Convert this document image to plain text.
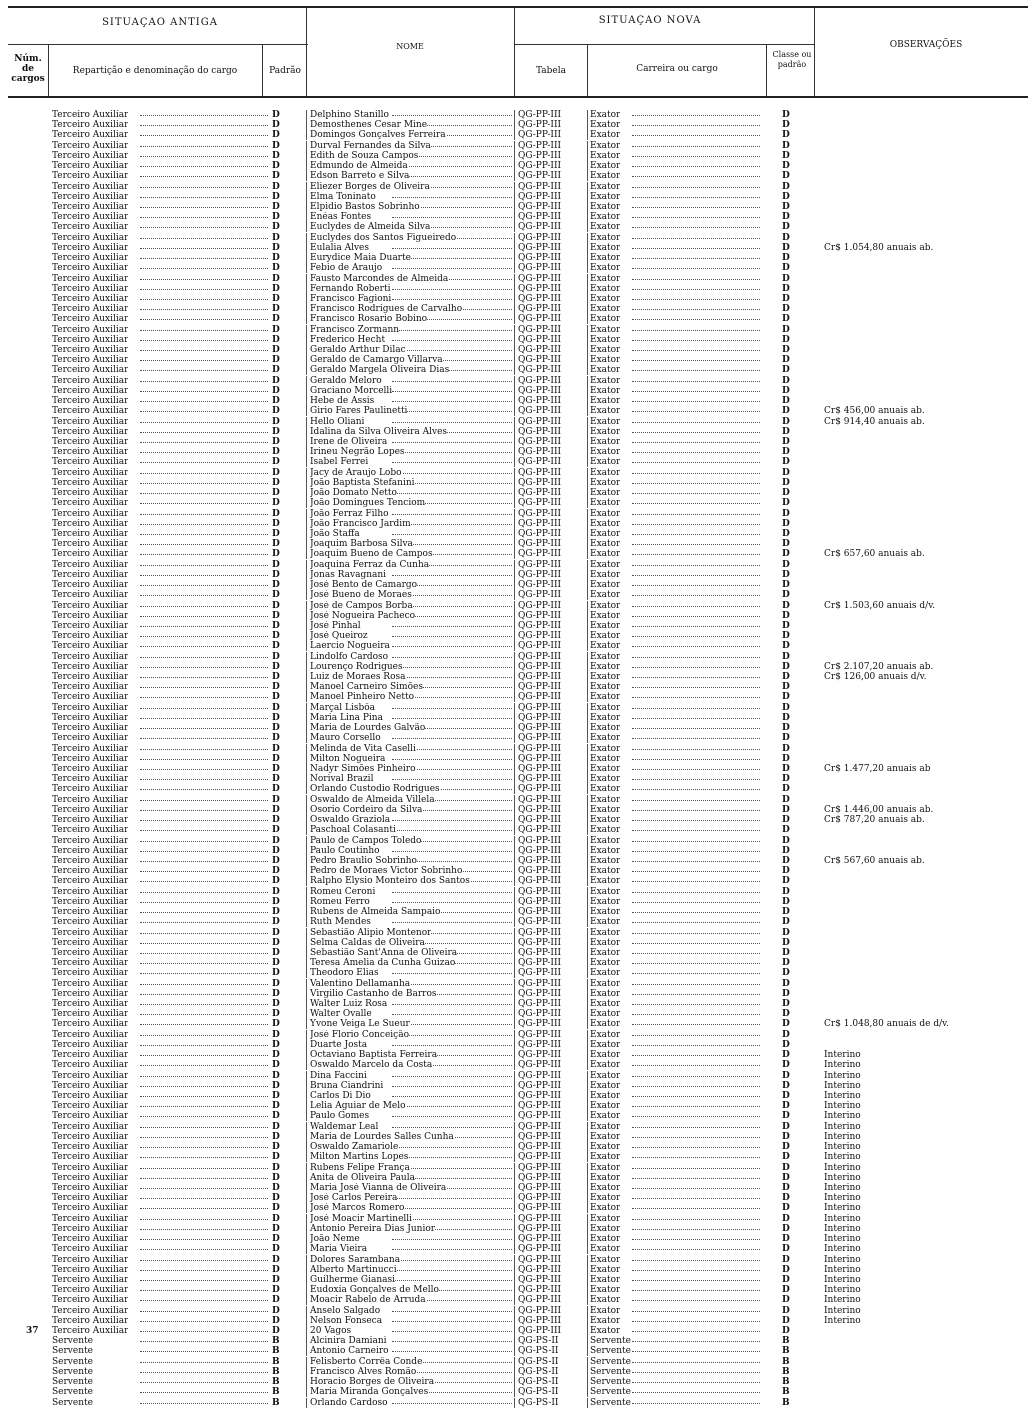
SITUAÇAO ANTIGA	SITUAÇAO NOVA
Núm. de cargos
Repartição e denominação do cargo	Padrão
NOME
Tabela	Carreira ou cargo
Classe ou padrão
OBSERVAÇÕES
Terceiro Auxiliar	D	Delphino Stanillo	QG-PP-III	Exator	D
Terceiro Auxiliar	D	Demosthenes Cesar Mine	QG-PP-III	Exator	D
Terceiro Auxiliar	D	Domingos Gonçalves Ferreira	QG-PP-III	Exator	D
Terceiro Auxiliar	D	Durval Fernandes da Silva	QG-PP-III	Exator	D
Terceiro Auxiliar	D	Edith de Souza Campos	QG-PP-III	Exator	D
Terceiro Auxiliar	D	Edmundo de Almeida	QG-PP-III	Exator	D
Terceiro Auxiliar	D	Edson Barreto e Silva	QG-PP-III	Exator	D
Terceiro Auxiliar	D	Eliezer Borges de Oliveira	QG-PP-III	Exator	D
Terceiro Auxiliar	D	Elma Toninato	QG-PP-III	Exator	D
Terceiro Auxiliar	D	Elpidio Bastos Sobrinho	QG-PP-III	Exator	D
Terceiro Auxiliar	D	Enéas Fontes	QG-PP-III	Exator	D
Terceiro Auxiliar	D	Euclydes de Almeida Silva	QG-PP-III	Exator	D
Terceiro Auxiliar	D	Euclydes dos Santos Figueiredo	QG-PP-III	Exator	D
Terceiro Auxiliar	D	Eulalia Alves	QG-PP-III	Exator	D	Cr$ 1.054,80 anuais ab.
Terceiro Auxiliar	D	Eurydice Maia Duarte	QG-PP-III	Exator	D
Terceiro Auxiliar	D	Febio de Araujo	QG-PP-III	Exator	D
Terceiro Auxiliar	D	Fausto Marcondes de Almeida	QG-PP-III	Exator	D
Terceiro Auxiliar	D	Fernando Roberti	QG-PP-III	Exator	D
Terceiro Auxiliar	D	Francisco Fagioni	QG-PP-III	Exator	D
Terceiro Auxiliar	D	Francisco Rodrigues de Carvalho	QG-PP-III	Exator	D
Terceiro Auxiliar	D	Francisco Rosario Bobino	QG-PP-III	Exator	D
Terceiro Auxiliar	D	Francisco Zormann	QG-PP-III	Exator	D
Terceiro Auxiliar	D	Frederico Hecht	QG-PP-III	Exator	D
Terceiro Auxiliar	D	Geraldo Arthur Dilac	QG-PP-III	Exator	D
Terceiro Auxiliar	D	Geraldo de Camargo Villarva	QG-PP-III	Exator	D
Terceiro Auxiliar	D	Geraldo Margela Oliveira Dias	QG-PP-III	Exator	D
Terceiro Auxiliar	D	Geraldo Meloro	QG-PP-III	Exator	D
Terceiro Auxiliar	D	Graciano Morcelli	QG-PP-III	Exator	D
Terceiro Auxiliar	D	Hebe de Assis	QG-PP-III	Exator	D
Terceiro Auxiliar	D	Girio Fares Paulinetti	QG-PP-III	Exator	D	Cr$ 456,00 anuais ab.
Terceiro Auxiliar	D	Hello Oliani	QG-PP-III	Exator	D	Cr$ 914,40 anuais ab.
Terceiro Auxiliar	D	Idalina da Silva Oliveira Alves	QG-PP-III	Exator	D
Terceiro Auxiliar	D	Irene de Oliveira	QG-PP-III	Exator	D
Terceiro Auxiliar	D	Irineu Negrão Lopes	QG-PP-III	Exator	D
Terceiro Auxiliar	D	Isabel Ferrei	QG-PP-III	Exator	D
Terceiro Auxiliar	D	Jacy de Araujo Lobo	QG-PP-III	Exator	D
Terceiro Auxiliar	D	João Baptista Stefanini	QG-PP-III	Exator	D
Terceiro Auxiliar	D	João Domato Netto	QG-PP-III	Exator	D
Terceiro Auxiliar	D	João Domingues Tenciom	QG-PP-III	Exator	D
Terceiro Auxiliar	D	João Ferraz Filho	QG-PP-III	Exator	D
Terceiro Auxiliar	D	João Francisco Jardim	QG-PP-III	Exator	D
Terceiro Auxiliar	D	João Staffa	QG-PP-III	Exator	D
Terceiro Auxiliar	D	Joaquim Barbosa Silva	QG-PP-III	Exator	D
Terceiro Auxiliar	D	Joaquim Bueno de Campos	QG-PP-III	Exator	D	Cr$ 657,60 anuais ab.
Terceiro Auxiliar	D	Joaquina Ferraz da Cunha	QG-PP-III	Exator	D
Terceiro Auxiliar	D	Jonas Ravagnani	QG-PP-III	Exator	D
Terceiro Auxiliar	D	José Bento de Camargo	QG-PP-III	Exator	D
Terceiro Auxiliar	D	José Bueno de Moraes	QG-PP-III	Exator	D
Terceiro Auxiliar	D	José de Campos Borba	QG-PP-III	Exator	D	Cr$ 1.503,60 anuais d/v.
Terceiro Auxiliar	D	José Nogueira Pacheco	QG-PP-III	Exator	D
Terceiro Auxiliar	D	José Pinhal	QG-PP-III	Exator	D
Terceiro Auxiliar	D	José Queiroz	QG-PP-III	Exator	D
Terceiro Auxiliar	D	Laercio Nogueira	QG-PP-III	Exator	D
Terceiro Auxiliar	D	Lindolfo Cardoso	QG-PP-III	Exator	D
Terceiro Auxiliar	D	Lourenço Rodrigues	QG-PP-III	Exator	D	Cr$ 2.107,20 anuais ab.
Terceiro Auxiliar	D	Luiz de Moraes Rosa	QG-PP-III	Exator	D	Cr$ 126,00 anuais d/v.
Terceiro Auxiliar	D	Manoel Carneiro Simões	QG-PP-III	Exator	D
Terceiro Auxiliar	D	Manoel Pinheiro Netto	QG-PP-III	Exator	D
Terceiro Auxiliar	D	Marçal Lisbôa	QG-PP-III	Exator	D
Terceiro Auxiliar	D	Maria Lina Pina	QG-PP-III	Exator	D
Terceiro Auxiliar	D	Maria de Lourdes Galvão	QG-PP-III	Exator	D
Terceiro Auxiliar	D	Mauro Corsello	QG-PP-III	Exator	D
Terceiro Auxiliar	D	Melinda de Vita Caselli	QG-PP-III	Exator	D
Terceiro Auxiliar	D	Milton Nogueira	QG-PP-III	Exator	D
Terceiro Auxiliar	D	Nadyr Simões Pinheiro	QG-PP-III	Exator	D	Cr$ 1.477,20 anuais ab
Terceiro Auxiliar	D	Norival Brazil	QG-PP-III	Exator	D
Terceiro Auxiliar	D	Orlando Custodio Rodrigues	QG-PP-III	Exator	D
Terceiro Auxiliar	D	Oswaldo de Almeida Villela	QG-PP-III	Exator	D
Terceiro Auxiliar	D	Osorio Cordeiro da Silva	QG-PP-III	Exator	D	Cr$ 1.446,00 anuais ab.
Terceiro Auxiliar	D	Oswaldo Graziola	QG-PP-III	Exator	D	Cr$ 787,20 anuais ab.
Terceiro Auxiliar	D	Paschoal Colasanti	QG-PP-III	Exator	D
Terceiro Auxiliar	D	Paulo de Campos Toledo	QG-PP-III	Exator	D
Terceiro Auxiliar	D	Paulo Coutinho	QG-PP-III	Exator	D
Terceiro Auxiliar	D	Pedro Braulio Sobrinho	QG-PP-III	Exator	D	Cr$ 567,60 anuais ab.
Terceiro Auxiliar	D	Pedro de Moraes Victor Sobrinho	QG-PP-III	Exator	D
Terceiro Auxiliar	D	Ralpho Elysio Monteiro dos Santos	QG-PP-III	Exator	D
Terceiro Auxiliar	D	Romeu Ceroni	QG-PP-III	Exator	D
Terceiro Auxiliar	D	Romeu Ferro	QG-PP-III	Exator	D
Terceiro Auxiliar	D	Rubens de Almeida Sampaio	QG-PP-III	Exator	D
Terceiro Auxiliar	D	Ruth Mendes	QG-PP-III	Exator	D
Terceiro Auxiliar	D	Sebastião Alipio Montenor	QG-PP-III	Exator	D
Terceiro Auxiliar	D	Selma Caldas de Oliveira	QG-PP-III	Exator	D
Terceiro Auxiliar	D	Sebastião Sant'Anna de Oliveira	QG-PP-III	Exator	D
Terceiro Auxiliar	D	Teresa Amelia da Cunha Guizao	QG-PP-III	Exator	D
Terceiro Auxiliar	D	Theodoro Elias	QG-PP-III	Exator	D
Terceiro Auxiliar	D	Valentino Dellamanha	QG-PP-III	Exator	D
Terceiro Auxiliar	D	Virgilio Castanho de Barros	QG-PP-III	Exator	D
Terceiro Auxiliar	D	Walter Luiz Rosa	QG-PP-III	Exator	D
Terceiro Auxiliar	D	Walter Ovalle	QG-PP-III	Exator	D
Terceiro Auxiliar	D	Yvone Veiga Le Sueur	QG-PP-III	Exator	D	Cr$ 1.048,80 anuais de d/v.
Terceiro Auxiliar	D	José Florio Conceição	QG-PP-III	Exator	D
Terceiro Auxiliar	D	Duarte Josta	QG-PP-III	Exator	D
Terceiro Auxiliar	D	Octaviano Baptista Ferreira	QG-PP-III	Exator	D	Interino
Terceiro Auxiliar	D	Oswaldo Marcelo da Costa	QG-PP-III	Exator	D	Interino
Terceiro Auxiliar	D	Dina Faccini	QG-PP-III	Exator	D	Interino
Terceiro Auxiliar	D	Bruna Ciandrini	QG-PP-III	Exator	D	Interino
Terceiro Auxiliar	D	Carlos Di Dio	QG-PP-III	Exator	D	Interino
Terceiro Auxiliar	D	Lelia Aguiar de Melo	QG-PP-III	Exator	D	Interino
Terceiro Auxiliar	D	Paulo Gomes	QG-PP-III	Exator	D	Interino
Terceiro Auxiliar	D	Waldemar Leal	QG-PP-III	Exator	D	Interino
Terceiro Auxiliar	D	Maria de Lourdes Salles Cunha	QG-PP-III	Exator	D	Interino
Terceiro Auxiliar	D	Oswaldo Zamariole	QG-PP-III	Exator	D	Interino
Terceiro Auxiliar	D	Milton Martins Lopes	QG-PP-III	Exator	D	Interino
Terceiro Auxiliar	D	Rubens Felipe França	QG-PP-III	Exator	D	Interino
Terceiro Auxiliar	D	Anita de Oliveira Paula	QG-PP-III	Exator	D	Interino
Terceiro Auxiliar	D	Maria José Vianna de Oliveira	QG-PP-III	Exator	D	Interino
Terceiro Auxiliar	D	José Carlos Pereira	QG-PP-III	Exator	D	Interino
Terceiro Auxiliar	D	José Marcos Romero	QG-PP-III	Exator	D	Interino
Terceiro Auxiliar	D	José Moacir Martinelli	QG-PP-III	Exator	D	Interino
Terceiro Auxiliar	D	Antonio Pereira Dias Junior	QG-PP-III	Exator	D	Interino
Terceiro Auxiliar	D	João Neme	QG-PP-III	Exator	D	Interino
Terceiro Auxiliar	D	Maria Vieira	QG-PP-III	Exator	D	Interino
Terceiro Auxiliar	D	Dolores Sarambana	QG-PP-III	Exator	D	Interino
Terceiro Auxiliar	D	Alberto Martinucci	QG-PP-III	Exator	D	Interino
Terceiro Auxiliar	D	Guilherme Gianasi	QG-PP-III	Exator	D	Interino
Terceiro Auxiliar	D	Eudoxia Gonçalves de Mello	QG-PP-III	Exator	D	Interino
Terceiro Auxiliar	D	Moacir Rabelo de Arruda	QG-PP-III	Exator	D	Interino
Terceiro Auxiliar	D	Anselo Salgado	QG-PP-III	Exator	D	Interino
Terceiro Auxiliar	D	Nelson Fonseca	QG-PP-III	Exator	D	Interino
37 Terceiro Auxiliar	D	20 Vagos	QG-PP-III	Exator	D
Servente	B	Alcinira Damiani	QG-PS-II	Servente	B
Servente	B	Antonio Carneiro	QG-PS-II	Servente	B
Servente	B	Felisberto Corrêa Conde	QG-PS-II	Servente	B
Servente	B	Francisco Alves Romão	QG-PS-II	Servente	B
Servente	B	Horacio Borges de Oliveira	QG-PS-II	Servente	B
Servente	B	Maria Miranda Gonçalves	QG-PS-II	Servente	B
Servente	B	Orlando Cardoso	QG-PS-II	Servente	B
